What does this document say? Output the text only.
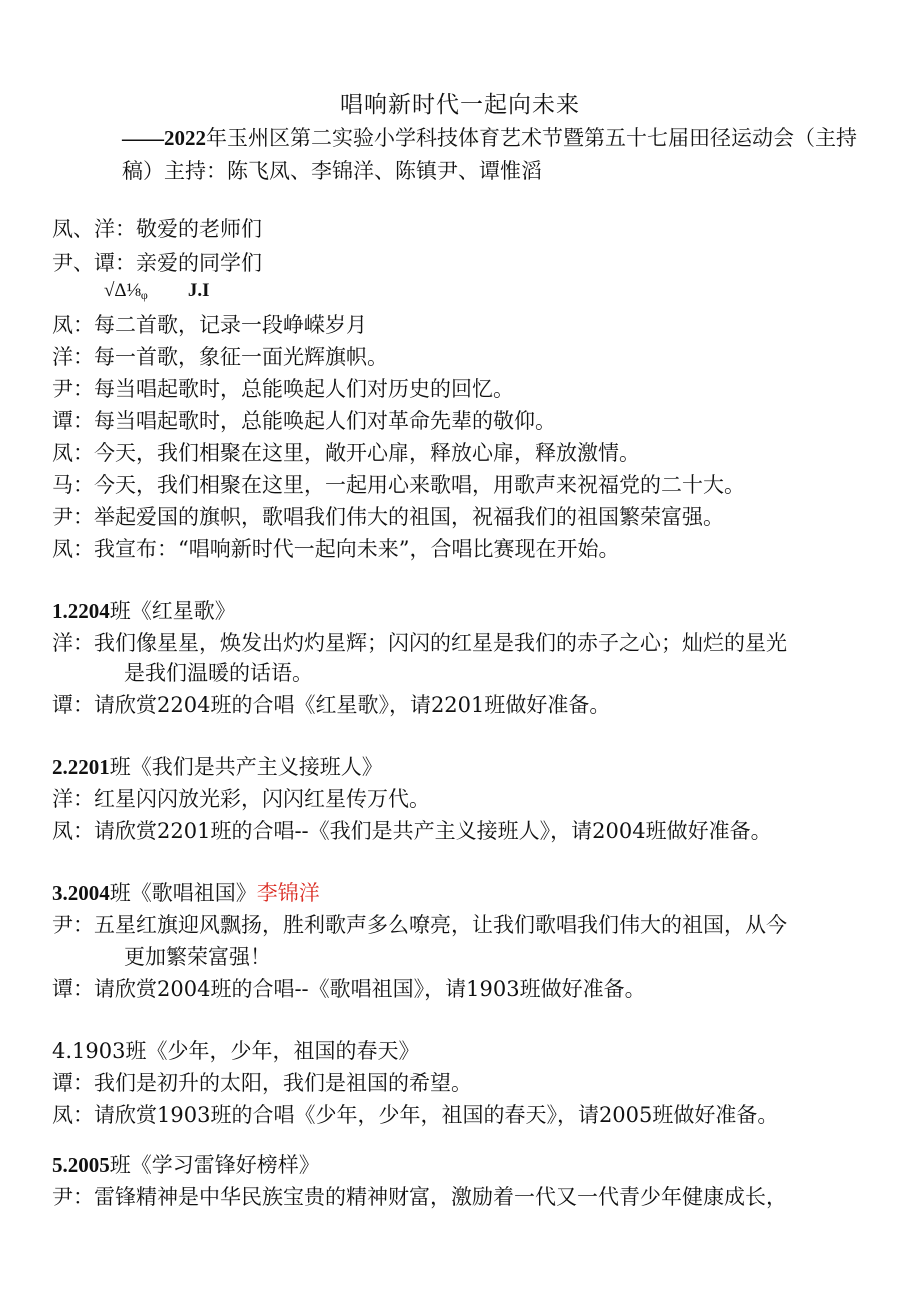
唱响新时代一起向未来
——2022年玉州区第二实验小学科技体育艺术节暨第五十七届田径运动会（主持稿）主持：陈飞凤、李锦洋、陈镇尹、谭惟滔
凤、洋：敬爱的老师们
尹、谭：亲爱的同学们
√Δ⅛φ J.I
凤：每二首歌，记录一段峥嵘岁月
洋：每一首歌，象征一面光辉旗帜。
尹：每当唱起歌时，总能唤起人们对历史的回忆。
谭：每当唱起歌时，总能唤起人们对革命先辈的敬仰。
凤：今天，我们相聚在这里，敞开心扉，释放心扉，释放激情。
马：今天，我们相聚在这里，一起用心来歌唱，用歌声来祝福党的二十大。
尹：举起爱国的旗帜，歌唱我们伟大的祖国，祝福我们的祖国繁荣富强。
凤：我宣布：“唱响新时代一起向未来”，合唱比赛现在开始。
1.2204班《红星歌》
洋：我们像星星，焕发出灼灼星辉；闪闪的红星是我们的赤子之心；灿烂的星光
是我们温暖的话语。
谭：请欣赏2204班的合唱《红星歌》，请2201班做好准备。
2.2201班《我们是共产主义接班人》
洋：红星闪闪放光彩，闪闪红星传万代。
凤：请欣赏2201班的合唱--《我们是共产主义接班人》，请2004班做好准备。
3.2004班《歌唱祖国》李锦洋
尹：五星红旗迎风飘扬，胜利歌声多么嘹亮，让我们歌唱我们伟大的祖国，从今
更加繁荣富强！
谭：请欣赏2004班的合唱--《歌唱祖国》，请1903班做好准备。
4.1903班《少年，少年，祖国的春天》
谭：我们是初升的太阳，我们是祖国的希望。
凤：请欣赏1903班的合唱《少年，少年，祖国的春天》，请2005班做好准备。
5.2005班《学习雷锋好榜样》
尹：雷锋精神是中华民族宝贵的精神财富，激励着一代又一代青少年健康成长，
